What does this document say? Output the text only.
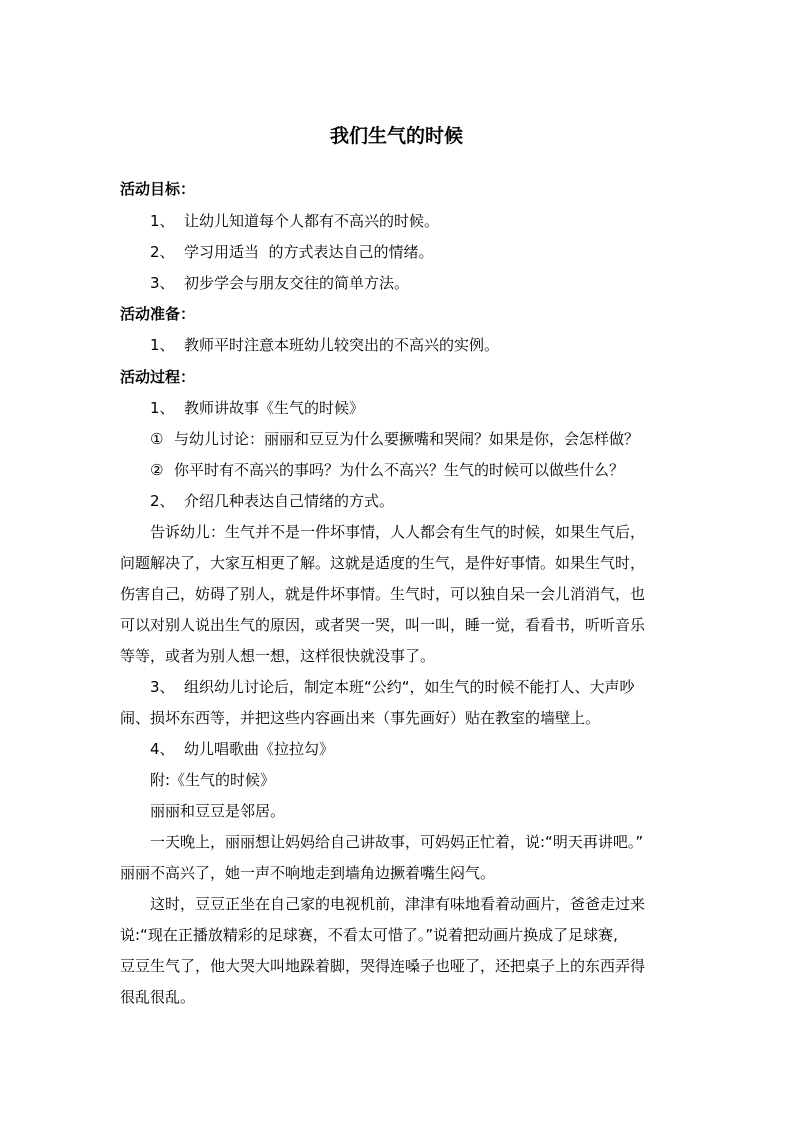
我们生气的时候
活动目标：
1、 让幼儿知道每个人都有不高兴的时候。
2、 学习用适当  的方式表达自己的情绪。
3、 初步学会与朋友交往的简单方法。
活动准备：
1、 教师平时注意本班幼儿较突出的不高兴的实例。
活动过程：
1、 教师讲故事《生气的时候》
① 与幼儿讨论：丽丽和豆豆为什么要撅嘴和哭闹？如果是你，会怎样做？
② 你平时有不高兴的事吗？为什么不高兴？生气的时候可以做些什么？
2、 介绍几种表达自己情绪的方式。
告诉幼儿：生气并不是一件坏事情，人人都会有生气的时候，如果生气后，
问题解决了，大家互相更了解。这就是适度的生气，是件好事情。如果生气时，
伤害自己，妨碍了别人，就是件坏事情。生气时，可以独自呆一会儿消消气，也
可以对别人说出生气的原因，或者哭一哭，叫一叫，睡一觉，看看书，听听音乐
等等，或者为别人想一想，这样很快就没事了。
3、 组织幼儿讨论后，制定本班“公约“，如生气的时候不能打人、大声吵
闹、损坏东西等，并把这些内容画出来（事先画好）贴在教室的墙壁上。
4、 幼儿唱歌曲《拉拉勾》
附:《生气的时候》
丽丽和豆豆是邻居。
一天晚上，丽丽想让妈妈给自己讲故事，可妈妈正忙着，说:“明天再讲吧。”
丽丽不高兴了，她一声不响地走到墙角边撅着嘴生闷气。
这时，豆豆正坐在自己家的电视机前，津津有味地看着动画片，爸爸走过来
说:“现在正播放精彩的足球赛，不看太可惜了。”说着把动画片换成了足球赛,
豆豆生气了，他大哭大叫地跺着脚，哭得连嗓子也哑了，还把桌子上的东西弄得
很乱很乱。
